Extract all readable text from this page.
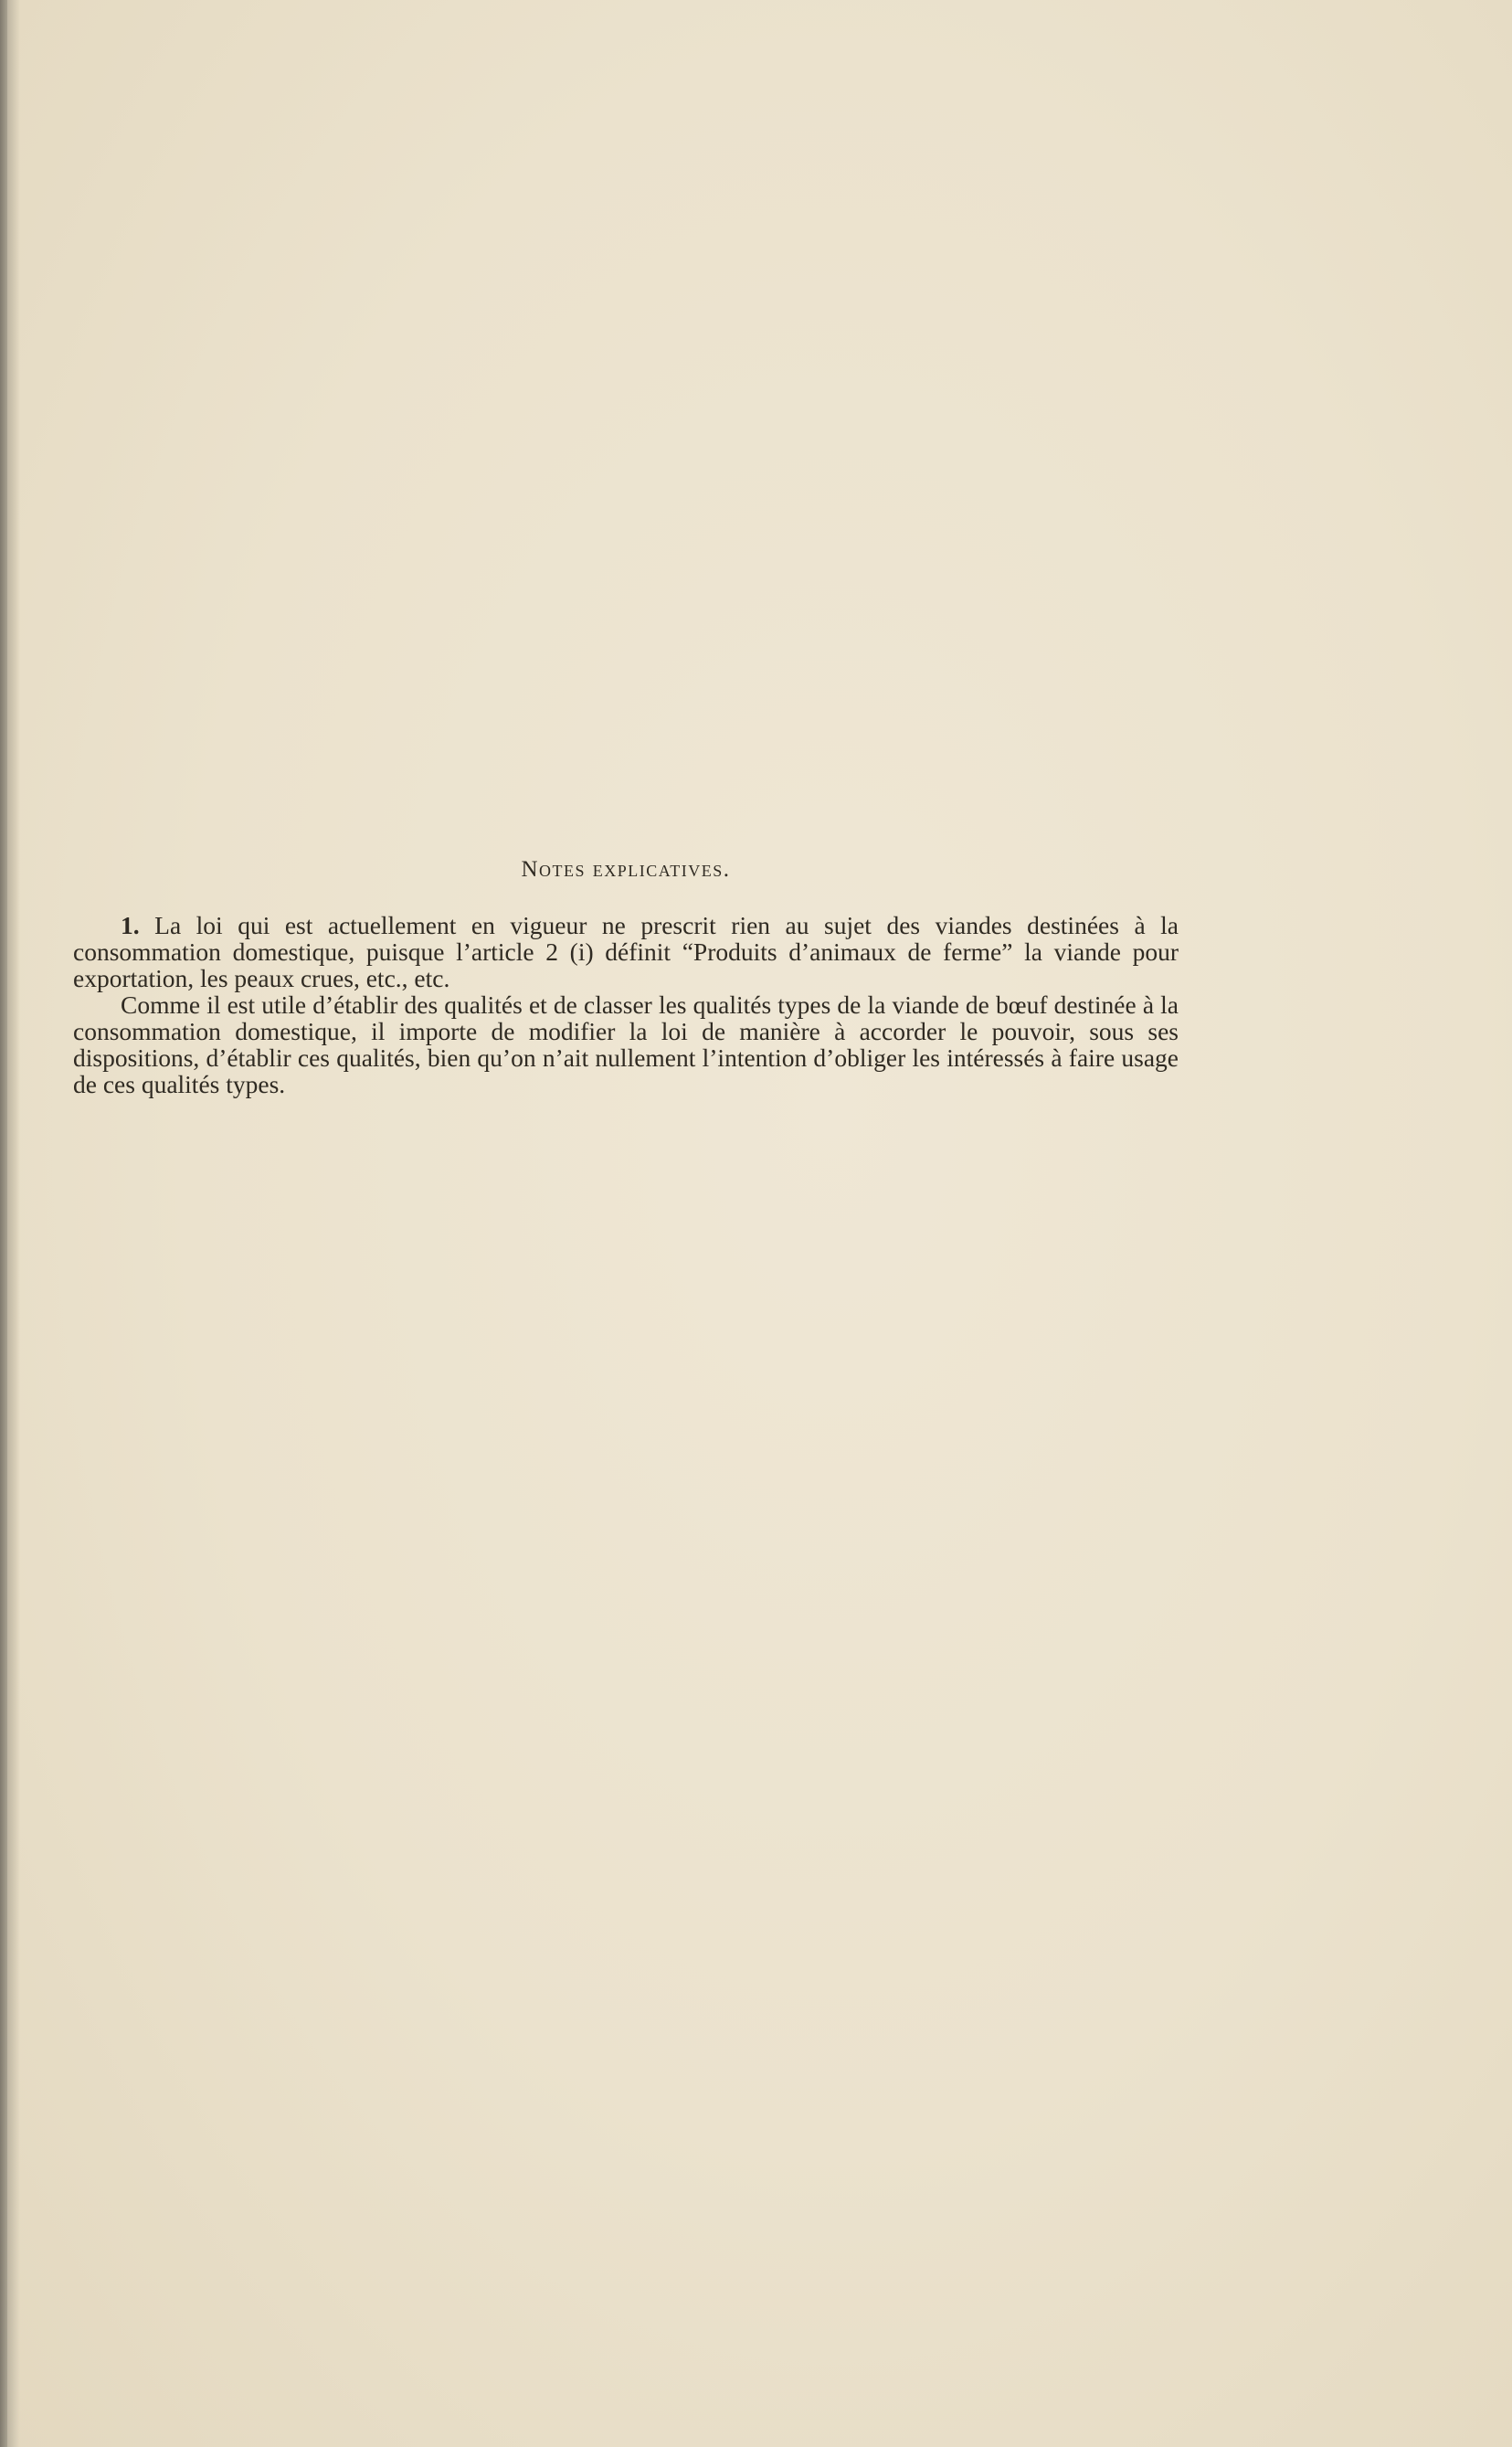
Notes explicatives.

1. La loi qui est actuellement en vigueur ne prescrit rien au sujet des viandes destinées à la consommation domestique, puisque l’article 2 (i) définit “Produits d’animaux de ferme” la viande pour exportation, les peaux crues, etc., etc.

Comme il est utile d’établir des qualités et de classer les qualités types de la viande de bœuf destinée à la consommation domestique, il importe de modifier la loi de manière à accorder le pouvoir, sous ses dispositions, d’établir ces qualités, bien qu’on n’ait nullement l’intention d’obliger les intéressés à faire usage de ces qualités types.
